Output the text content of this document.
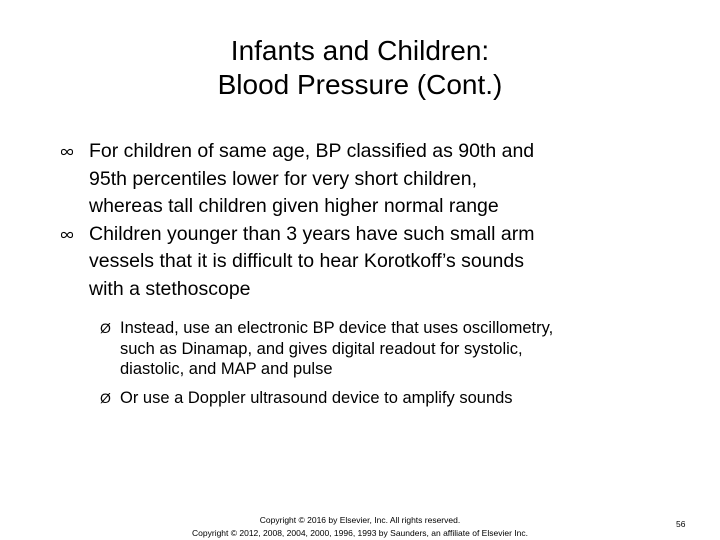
Infants and Children:
Blood Pressure (Cont.)
For children of same age, BP classified as 90th and
95th percentiles lower for very short children,
whereas tall children given higher normal range
Children younger than 3 years have such small arm
vessels that it is difficult to hear Korotkoff’s sounds
with a stethoscope
Ø Instead, use an electronic BP device that uses oscillometry,
such as Dinamap, and gives digital readout for systolic,
diastolic, and MAP and pulse
Ø Or use a Doppler ultrasound device to amplify sounds
Copyright © 2016 by Elsevier, Inc. All rights reserved.
Copyright © 2012, 2008, 2004, 2000, 1996, 1993 by Saunders, an affiliate of Elsevier Inc.
56
